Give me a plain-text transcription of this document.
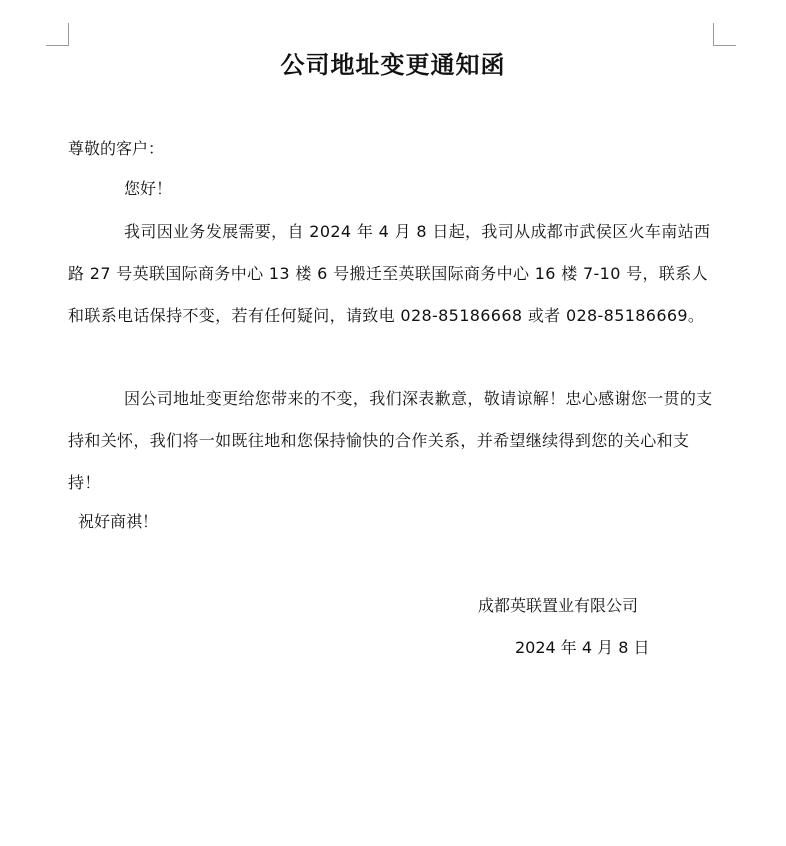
公司地址变更通知函
尊敬的客户：
您好！
我司因业务发展需要，自 2024 年 4 月 8 日起，我司从成都市武侯区火车南站西路 27 号英联国际商务中心 13 楼 6 号搬迁至英联国际商务中心 16 楼 7-10 号，联系人和联系电话保持不变，若有任何疑问，请致电 028-85186668 或者 028-85186669。
因公司地址变更给您带来的不变，我们深表歉意，敬请谅解！忠心感谢您一贯的支持和关怀，我们将一如既往地和您保持愉快的合作关系，并希望继续得到您的关心和支持！
祝好商祺！
成都英联置业有限公司
2024 年 4 月 8 日
